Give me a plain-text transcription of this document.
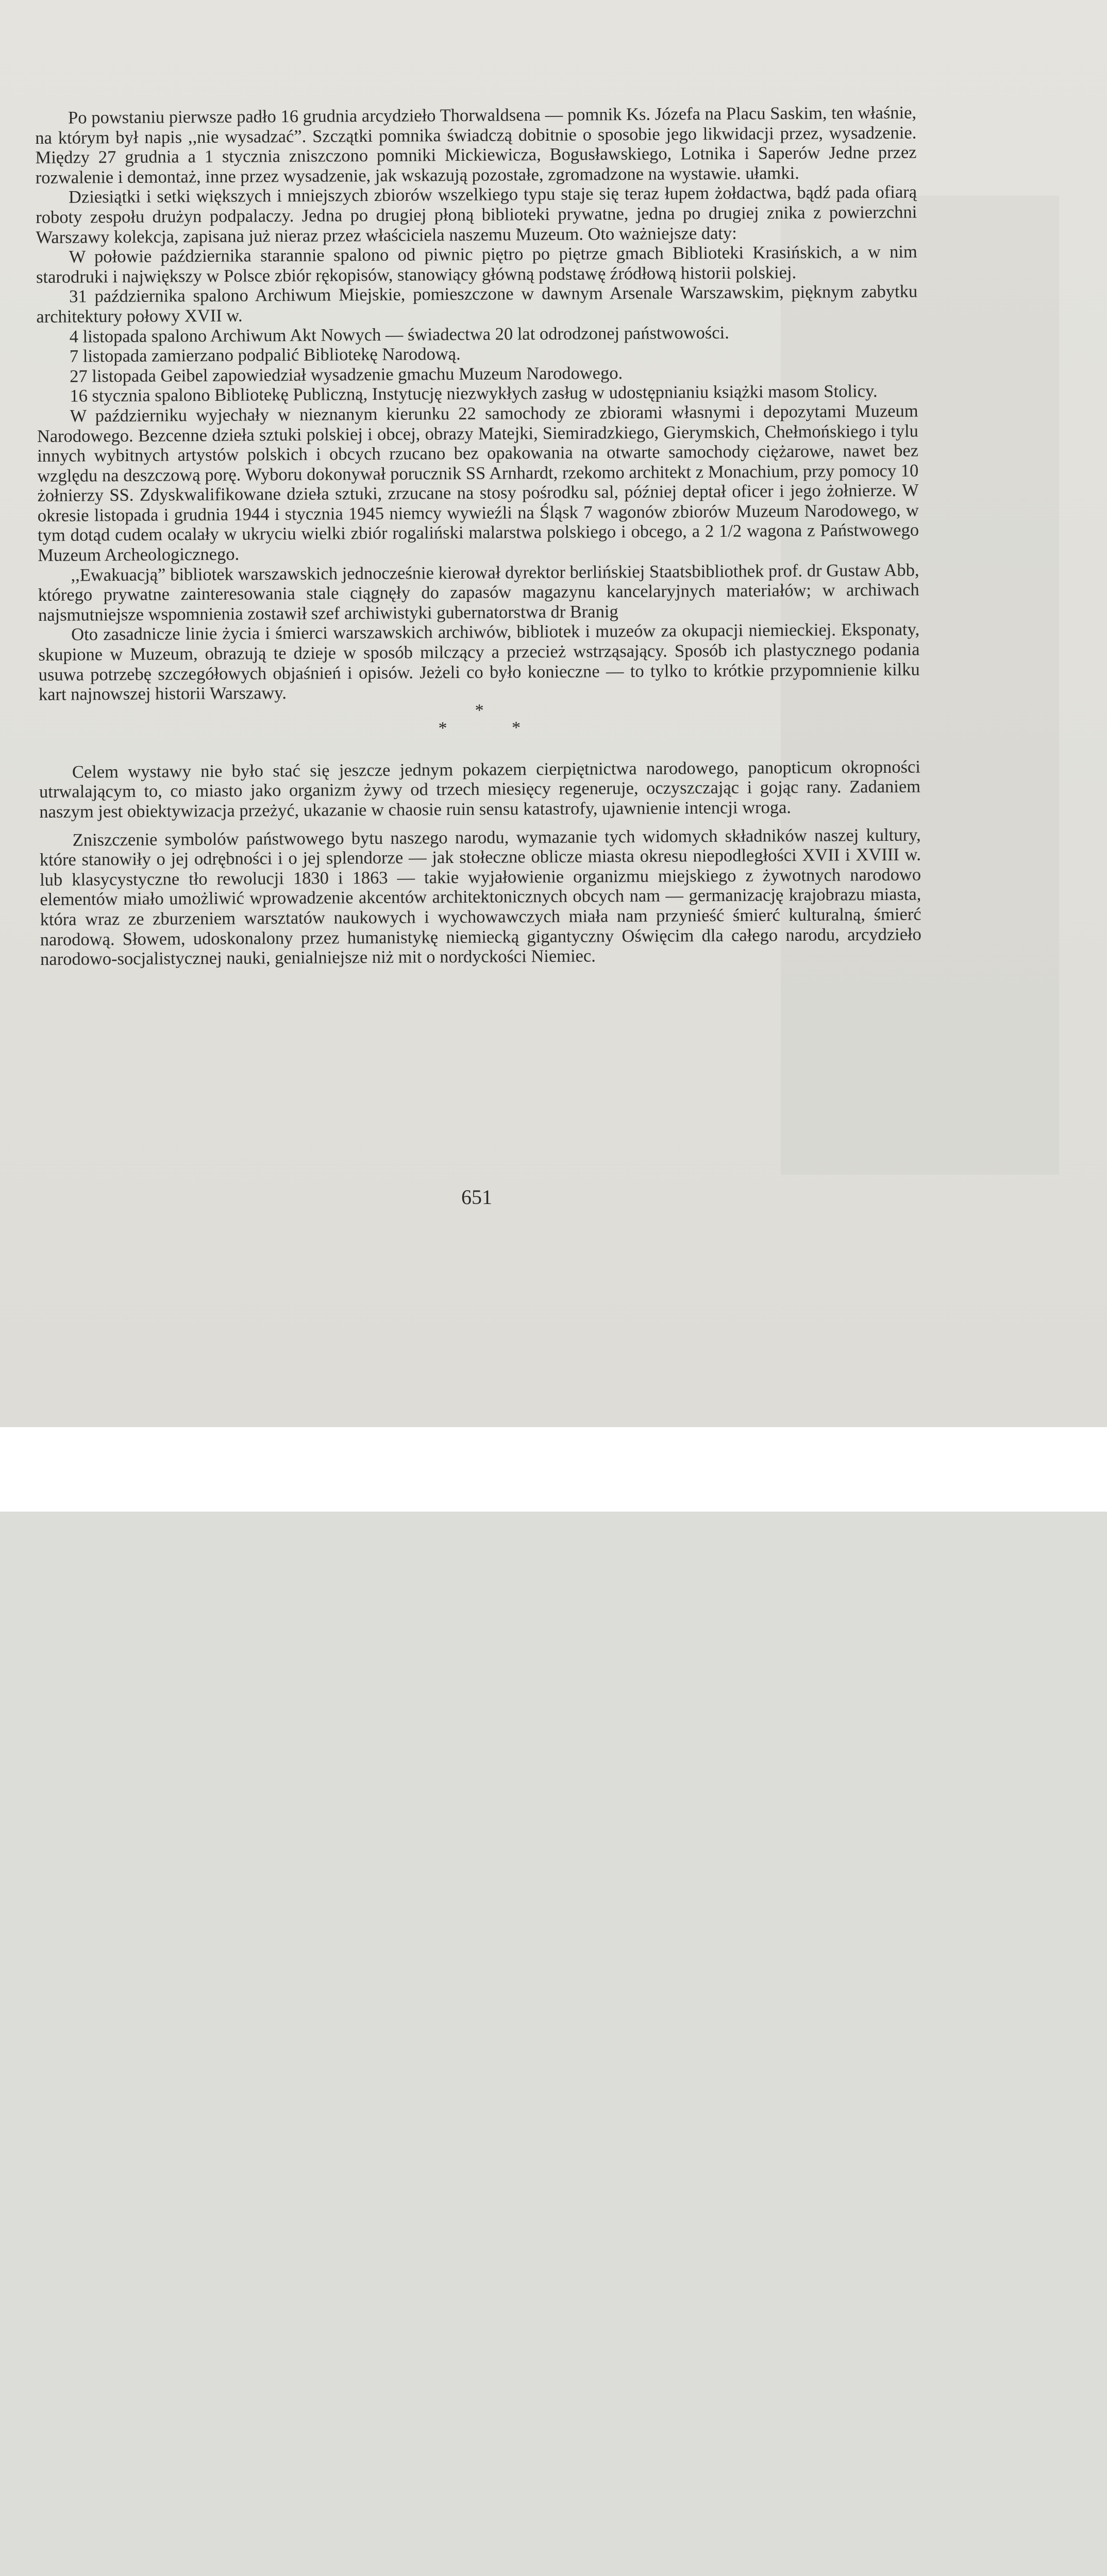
Po powstaniu pierwsze padło 16 grudnia arcydzieło Thorwaldsena — pomnik Ks. Józefa na Placu Saskim, ten właśnie, na którym był napis ,,nie wysadzać”. Szczątki pomnika świadczą dobitnie o sposobie jego likwidacji przez, wysadzenie. Między 27 grudnia a 1 stycznia zniszczono pomniki Mickiewicza, Bogusławskiego, Lotnika i Saperów Jedne przez rozwalenie i demontaż, inne przez wysadzenie, jak wskazują pozostałe, zgromadzone na wystawie. ułamki.

Dziesiątki i setki większych i mniejszych zbiorów wszelkiego typu staje się teraz łupem żołdactwa, bądź pada ofiarą roboty zespołu drużyn podpalaczy. Jedna po drugiej płoną biblioteki prywatne, jedna po drugiej znika z powierzchni Warszawy kolekcja, zapisana już nieraz przez właściciela naszemu Muzeum. Oto ważniejsze daty:

W połowie października starannie spalono od piwnic piętro po piętrze gmach Biblioteki Krasińskich, a w nim starodruki i największy w Polsce zbiór rękopisów, stanowiący główną podstawę źródłową historii polskiej.

31 października spalono Archiwum Miejskie, pomieszczone w dawnym Arsenale Warszawskim, pięknym zabytku architektury połowy XVII w.

4 listopada spalono Archiwum Akt Nowych — świadectwa 20 lat odrodzonej państwowości.

7 listopada zamierzano podpalić Bibliotekę Narodową.

27 listopada Geibel zapowiedział wysadzenie gmachu Muzeum Narodowego.

16 stycznia spalono Bibliotekę Publiczną, Instytucję niezwykłych zasług w udostępnianiu książki masom Stolicy.

W październiku wyjechały w nieznanym kierunku 22 samochody ze zbiorami własnymi i depozytami Muzeum Narodowego. Bezcenne dzieła sztuki polskiej i obcej, obrazy Matejki, Siemiradzkiego, Gierymskich, Chełmońskiego i tylu innych wybitnych artystów polskich i obcych rzucano bez opakowania na otwarte samochody ciężarowe, nawet bez względu na deszczową porę. Wyboru dokonywał porucznik SS Arnhardt, rzekomo architekt z Monachium, przy pomocy 10 żołnierzy SS. Zdyskwalifikowane dzieła sztuki, zrzucane na stosy pośrodku sal, później deptał oficer i jego żołnierze. W okresie listopada i grudnia 1944 i stycznia 1945 niemcy wywieźli na Śląsk 7 wagonów zbiorów Muzeum Narodowego, w tym dotąd cudem ocalały w ukryciu wielki zbiór rogaliński malarstwa polskiego i obcego, a 2 1/2 wagona z Państwowego Muzeum Archeologicznego.

,,Ewakuacją” bibliotek warszawskich jednocześnie kierował dyrektor berlińskiej Staatsbibliothek prof. dr Gustaw Abb, którego prywatne zainteresowania stale ciągnęły do zapasów magazynu kancelaryjnych materiałów; w archiwach najsmutniejsze wspomnienia zostawił szef archiwistyki gubernatorstwa dr Branig

Oto zasadnicze linie życia i śmierci warszawskich archiwów, bibliotek i muzeów za okupacji niemieckiej. Eksponaty, skupione w Muzeum, obrazują te dzieje w sposób milczący a przecież wstrząsający. Sposób ich plastycznego podania usuwa potrzebę szczegółowych objaśnień i opisów. Jeżeli co było konieczne — to tylko to krótkie przypomnienie kilku kart najnowszej historii Warszawy.

*
*	*

Celem wystawy nie było stać się jeszcze jednym pokazem cierpiętnictwa narodowego, panopticum okropności utrwalającym to, co miasto jako organizm żywy od trzech miesięcy regeneruje, oczyszczając i gojąc rany. Zadaniem naszym jest obiektywizacja przeżyć, ukazanie w chaosie ruin sensu katastrofy, ujawnienie intencji wroga.

Zniszczenie symbolów państwowego bytu naszego narodu, wymazanie tych widomych składników naszej kultury, które stanowiły o jej odrębności i o jej splendorze — jak stołeczne oblicze miasta okresu niepodległości XVII i XVIII w. lub klasycystyczne tło rewolucji 1830 i 1863 — takie wyjałowienie organizmu miejskiego z żywotnych narodowo elementów miało umożliwić wprowadzenie akcentów architektonicznych obcych nam — germanizację krajobrazu miasta, która wraz ze zburzeniem warsztatów naukowych i wychowawczych miała nam przynieść śmierć kulturalną, śmierć narodową. Słowem, udoskonalony przez humanistykę niemiecką gigantyczny Oświęcim dla całego narodu, arcydzieło narodowo-socjalistycznej nauki, genialniejsze niż mit o nordyckości Niemiec.

651
